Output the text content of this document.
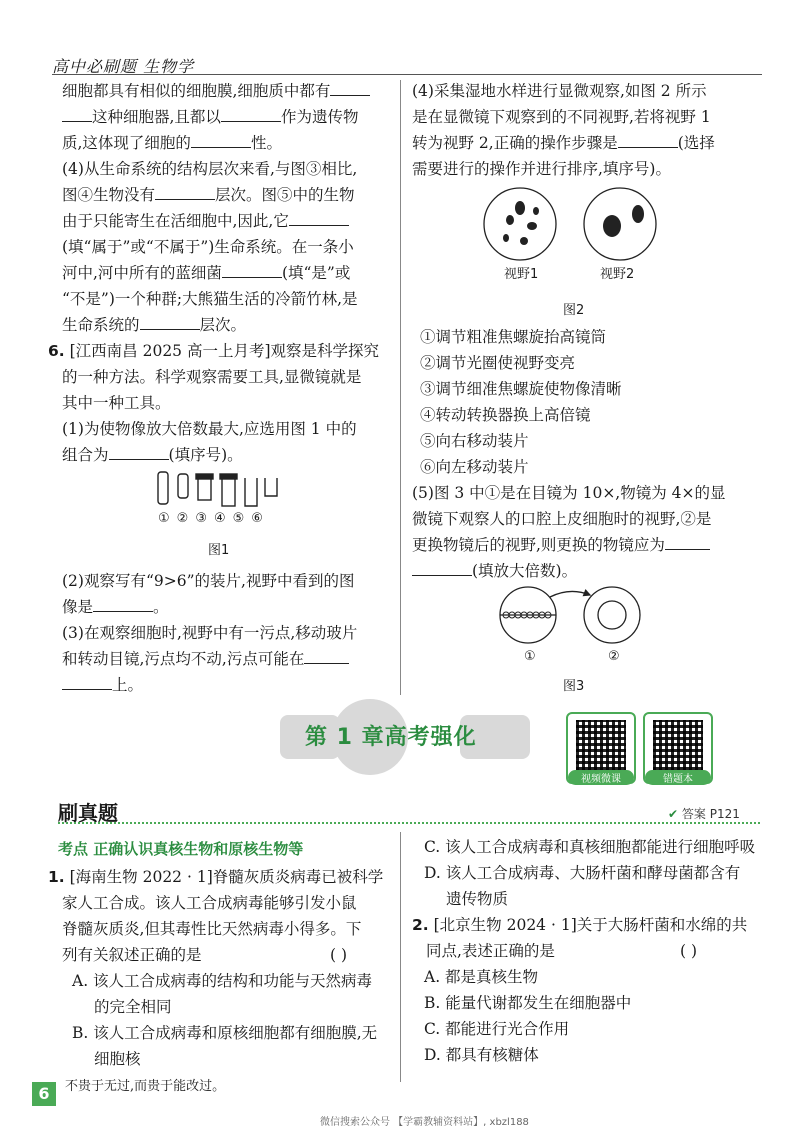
高中必刷题 生物学
细胞都具有相似的细胞膜,细胞质中都有
这种细胞器,且都以	作为遗传物
质,这体现了细胞的	性。
(4)从生命系统的结构层次来看,与图③相比,
图④生物没有	层次。图⑤中的生物
由于只能寄生在活细胞中,因此,它
(填“属于”或“不属于”)生命系统。在一条小
河中,河中所有的蓝细菌	(填“是”或
“不是”)一个种群;大熊猫生活的冷箭竹林,是
生命系统的	层次。
6. [江西南昌 2025 高一上月考]观察是科学探究
的一种方法。科学观察需要工具,显微镜就是
其中一种工具。
(1)为使物像放大倍数最大,应选用图 1 中的
组合为	(填序号)。
①②③④⑤⑥
图1
(2)观察写有“9>6”的装片,视野中看到的图
像是	。
(3)在观察细胞时,视野中有一污点,移动玻片
和转动目镜,污点均不动,污点可能在
上。
(4)采集湿地水样进行显微观察,如图 2 所示
是在显微镜下观察到的不同视野,若将视野 1
转为视野 2,正确的操作步骤是	(选择
需要进行的操作并进行排序,填序号)。
视野1	视野2
图2
①调节粗准焦螺旋抬高镜筒
②调节光圈使视野变亮
③调节细准焦螺旋使物像清晰
④转动转换器换上高倍镜
⑤向右移动装片
⑥向左移动装片
(5)图 3 中①是在目镜为 10×,物镜为 4×的显
微镜下观察人的口腔上皮细胞时的视野,②是
更换物镜后的视野,则更换的物镜应为
(填放大倍数)。
①	②
图3
第 1 章高考强化
视频微课	错题本
刷真题	✔ 答案 P121
考点 正确认识真核生物和原核生物等
1. [海南生物 2022 · 1]脊髓灰质炎病毒已被科学
家人工合成。该人工合成病毒能够引发小鼠
脊髓灰质炎,但其毒性比天然病毒小得多。下
列有关叙述正确的是	( )
A. 该人工合成病毒的结构和功能与天然病毒
的完全相同
B. 该人工合成病毒和原核细胞都有细胞膜,无
细胞核
C. 该人工合成病毒和真核细胞都能进行细胞呼吸
D. 该人工合成病毒、大肠杆菌和酵母菌都含有
遗传物质
2. [北京生物 2024 · 1]关于大肠杆菌和水绵的共
同点,表述正确的是	( )
A. 都是真核生物
B. 能量代谢都发生在细胞器中
C. 都能进行光合作用
D. 都具有核糖体
6	不贵于无过,而贵于能改过。
微信搜索公众号 【学霸教辅资料站】, xbzl188
